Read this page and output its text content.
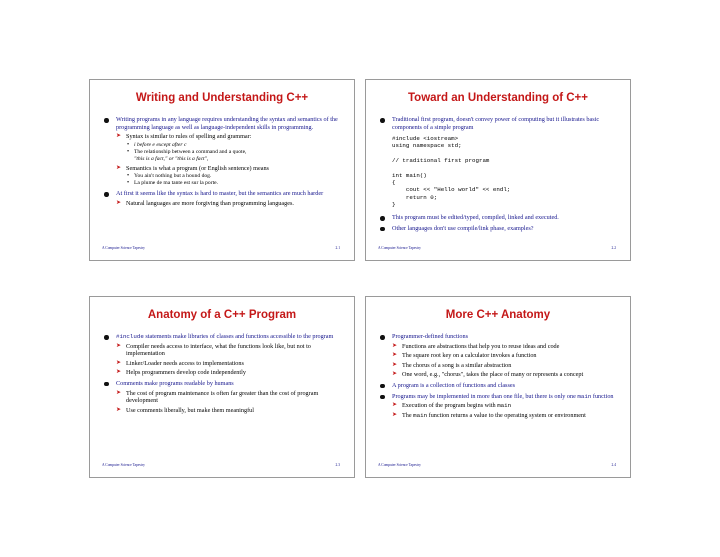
Writing and Understanding C++
Writing programs in any language requires understanding the syntax and semantics of the programming language as well as language-independent skills in programming.
➤ Syntax is similar to rules of spelling and grammar:
• i before e except after c
• The relationship between a command and a quote,
"this is a fact," or "this is a fact",
➤ Semantics is what a program (or English sentence) means
• You ain't nothing but a hound dog.
• La plume de ma tante est sur la porte.
At first it seems like the syntax is hard to master, but the semantics are much harder
➤ Natural languages are more forgiving than programming languages.
A Computer Science Tapestry	2.1
Toward an Understanding of C++
Traditional first program, doesn't convey power of computing but it illustrates basic components of a simple program
#include <iostream>
using namespace std;

// traditional first program

int main()
{
cout << "Hello world" << endl;
return 0;
}
This program must be edited/typed, compiled, linked and executed.
Other languages don't use compile/link phase, examples?
A Computer Science Tapestry	2.2
Anatomy of a C++ Program
#include statements make libraries of classes and functions accessible to the program
➤ Compiler needs access to interface, what the functions look like, but not to implementation
➤ Linker/Loader needs access to implementations
➤ Helps programmers develop code independently
Comments make programs readable by humans
➤ The cost of program maintenance is often far greater than the cost of program development
➤ Use comments liberally, but make them meaningful
A Computer Science Tapestry	2.3
More C++ Anatomy
Programmer-defined functions
➤ Functions are abstractions that help you to reuse ideas and code
➤ The square root key on a calculator invokes a function
➤ The chorus of a song is a similar abstraction
➤ One word, e.g., "chorus", takes the place of many or represents a concept
A program is a collection of functions and classes
Programs may be implemented in more than one file, but there is only one main function
➤ Execution of the program begins with main
➤ The main function returns a value to the operating system or environment
A Computer Science Tapestry	2.4
